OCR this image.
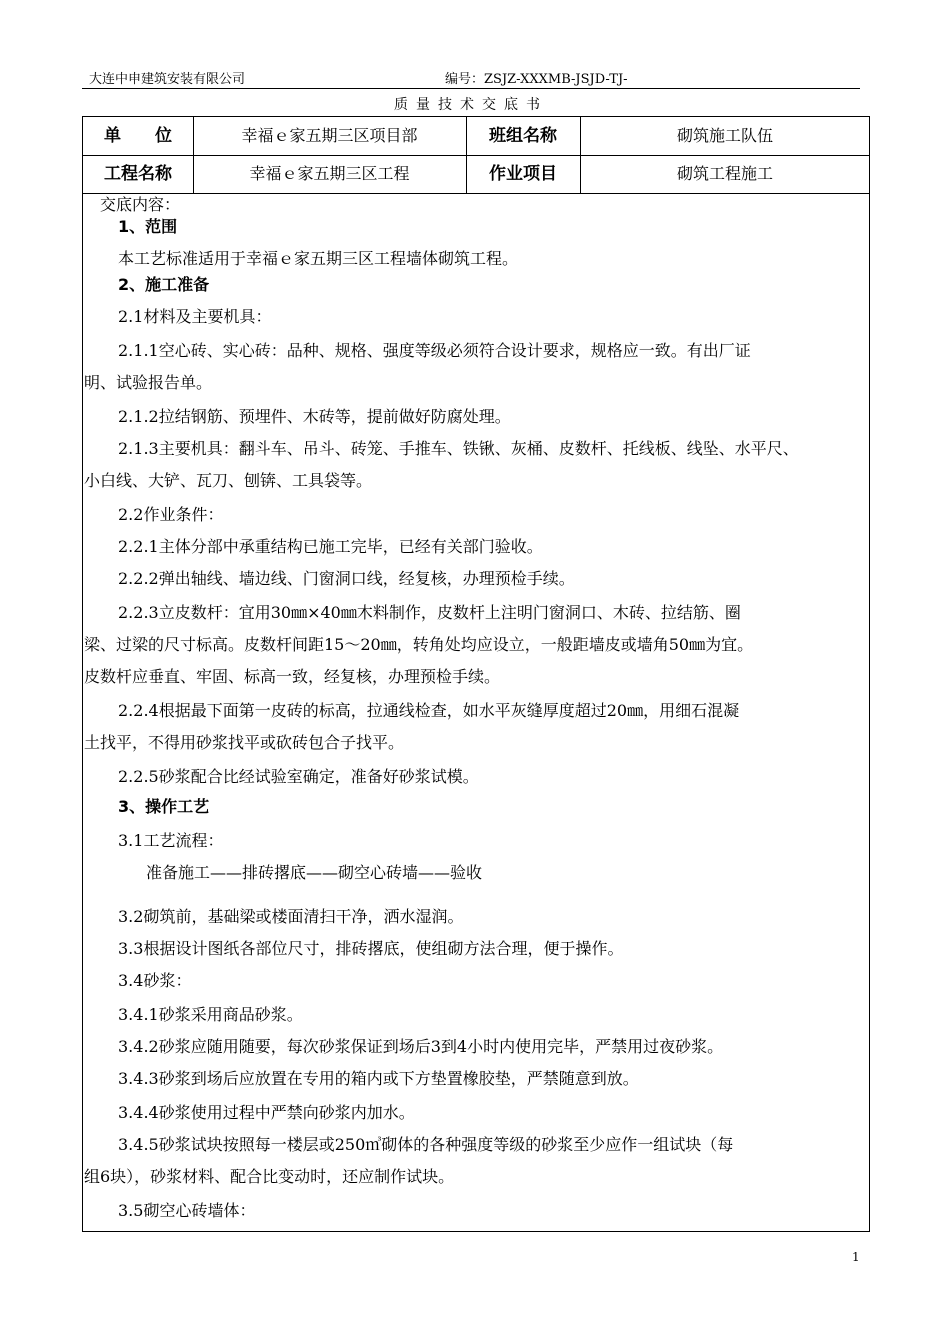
大连中申建筑安装有限公司	编号：ZSJZ-XXXMB-JSJD-TJ-
质量技术交底书
单　　位	幸福ｅ家五期三区项目部	班组名称	砌筑施工队伍
工程名称	幸福ｅ家五期三区工程	作业项目	砌筑工程施工
交底内容：
1、范围
本工艺标准适用于幸福ｅ家五期三区工程墙体砌筑工程。
2、施工准备
2.1材料及主要机具：
2.1.1空心砖、实心砖：品种、规格、强度等级必须符合设计要求，规格应一致。有出厂证
明、试验报告单。
2.1.2拉结钢筋、预埋件、木砖等，提前做好防腐处理。
2.1.3主要机具：翻斗车、吊斗、砖笼、手推车、铁锹、灰桶、皮数杆、托线板、线坠、水平尺、
小白线、大铲、瓦刀、刨锛、工具袋等。
2.2作业条件：
2.2.1主体分部中承重结构已施工完毕，已经有关部门验收。
2.2.2弹出轴线、墙边线、门窗洞口线，经复核，办理预检手续。
2.2.3立皮数杆：宜用30㎜×40㎜木料制作，皮数杆上注明门窗洞口、木砖、拉结筋、圈
梁、过梁的尺寸标高。皮数杆间距15～20㎜，转角处均应设立，一般距墙皮或墙角50㎜为宜。
皮数杆应垂直、牢固、标高一致，经复核，办理预检手续。
2.2.4根据最下面第一皮砖的标高，拉通线检查，如水平灰缝厚度超过20㎜，用细石混凝
土找平，不得用砂浆找平或砍砖包合子找平。
2.2.5砂浆配合比经试验室确定，准备好砂浆试模。
3、操作工艺
3.1工艺流程：
准备施工——排砖撂底——砌空心砖墙——验收
3.2砌筑前，基础梁或楼面清扫干净，洒水湿润。
3.3根据设计图纸各部位尺寸，排砖撂底，使组砌方法合理，便于操作。
3.4砂浆：
3.4.1砂浆采用商品砂浆。
3.4.2砂浆应随用随要，每次砂浆保证到场后3到4小时内使用完毕，严禁用过夜砂浆。
3.4.3砂浆到场后应放置在专用的箱内或下方垫置橡胶垫，严禁随意到放。
3.4.4砂浆使用过程中严禁向砂浆内加水。
3.4.5砂浆试块按照每一楼层或250㎥砌体的各种强度等级的砂浆至少应作一组试块（每
组6块），砂浆材料、配合比变动时，还应制作试块。
3.5砌空心砖墙体：
1
